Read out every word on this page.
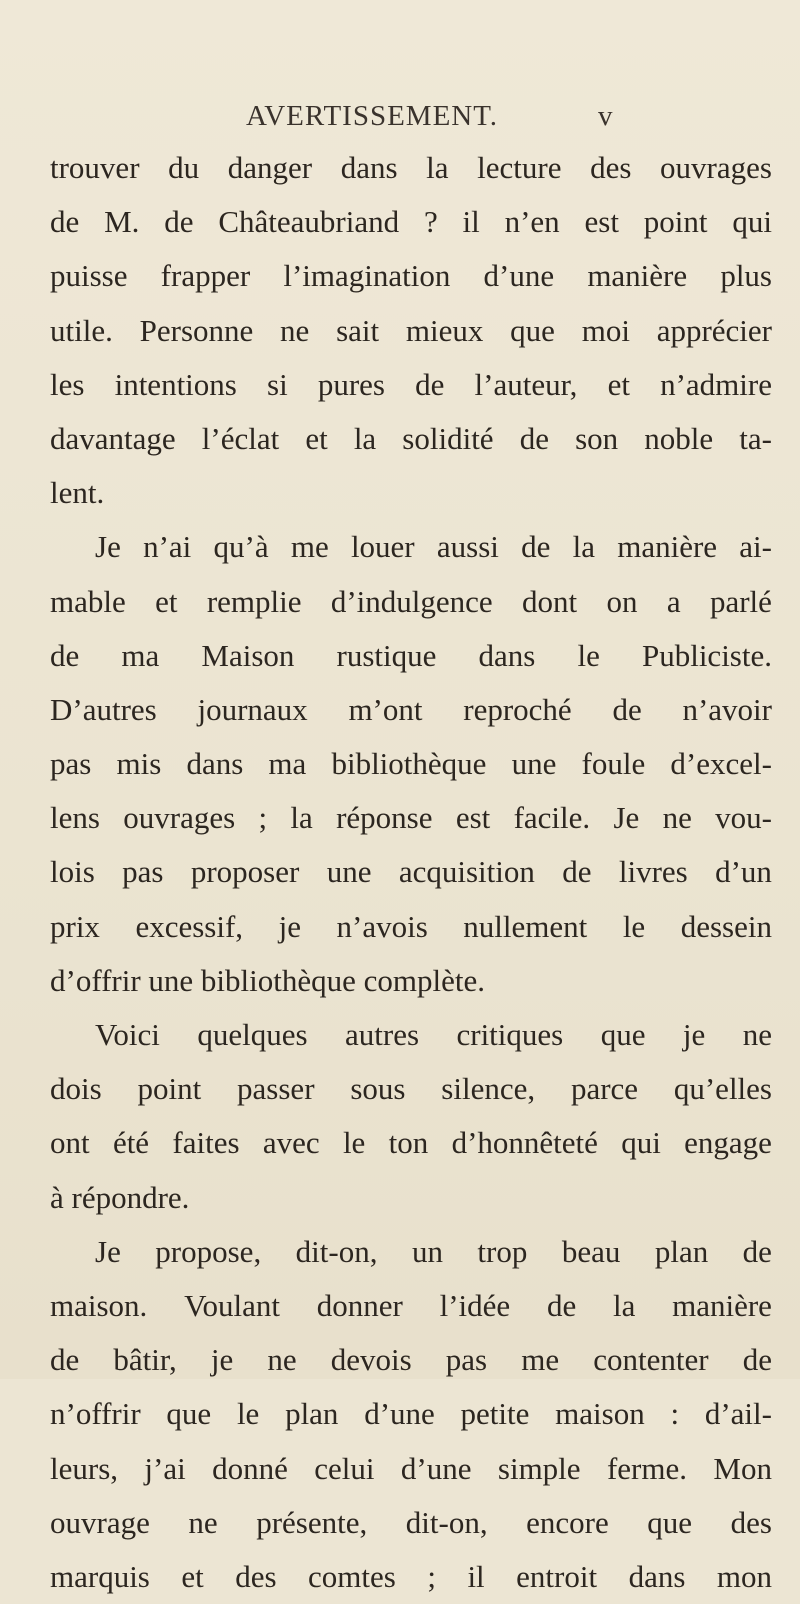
AVERTISSEMENT.	v
trouver du danger dans la lecture des ouvrages
de M. de Châteaubriand ? il n’en est point qui
puisse frapper l’imagination d’une manière plus
utile. Personne ne sait mieux que moi apprécier
les intentions si pures de l’auteur, et n’admire
davantage l’éclat et la solidité de son noble ta-
lent.
Je n’ai qu’à me louer aussi de la manière ai-
mable et remplie d’indulgence dont on a parlé
de ma Maison rustique dans le Publiciste.
D’autres journaux m’ont reproché de n’avoir
pas mis dans ma bibliothèque une foule d’excel-
lens ouvrages ; la réponse est facile. Je ne vou-
lois pas proposer une acquisition de livres d’un
prix excessif, je n’avois nullement le dessein
d’offrir une bibliothèque complète.
Voici quelques autres critiques que je ne
dois point passer sous silence, parce qu’elles
ont été faites avec le ton d’honnêteté qui engage
à répondre.
Je propose, dit-on, un trop beau plan de
maison. Voulant donner l’idée de la manière
de bâtir, je ne devois pas me contenter de
n’offrir que le plan d’une petite maison : d’ail-
leurs, j’ai donné celui d’une simple ferme. Mon
ouvrage ne présente, dit-on, encore que des
marquis et des comtes ; il entroit dans mon
